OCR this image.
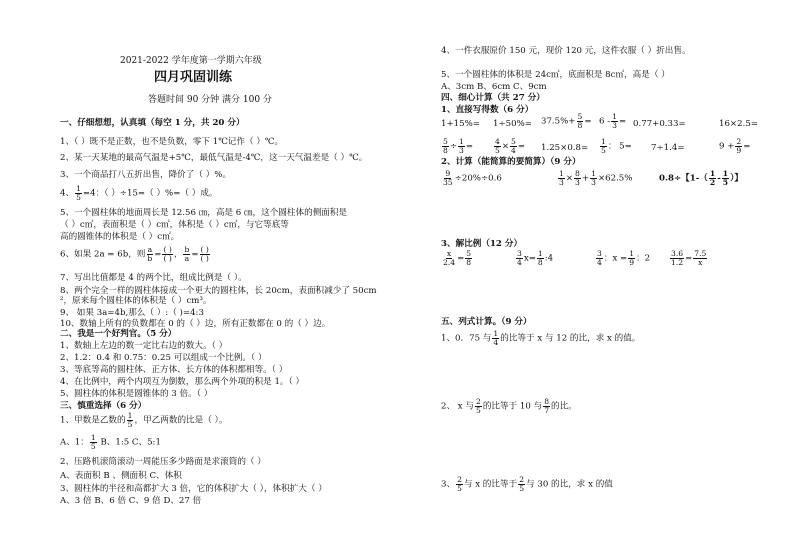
2021-2022 学年度第一学期六年级
四月巩固训练
答题时间 90 分钟 满分 100 分
一、仔细想想，认真填（每空 1 分，共 20 分）
1、（ ）既不是正数，也不是负数，零下 1℃记作（ ）℃。
2、某一天某地的最高气温是+5℃，最低气温是-4℃，这一天气温差是（ ）℃。
3、一个商品打八五折出售，降价了（ ）%。
4、 $\frac{1}{5} =4$：（ ）÷15=（ ）%=（ ）成。
5、一个圆柱体的地面周长是 12.56 ㎝，高是 6 ㎝，这个圆柱体的侧面积是
（ ）c㎡，表面积是（ ）c㎡，体积是（ ）c㎡，与它等底等
高的圆锥体的体积是（ ）c㎡。
6、如果 2a = 6b，则 $\frac{a}{b} = \frac{( )}{( )}$ ， $\frac{b}{a} = \frac{( )}{( )}$
7、写出比值都是 4 的两个比，组成比例是（ ）。
8、两个完全一样的圆柱体接成一个更大的圆柱体，长 20cm，表面积减少了 50cm
²，原来每个圆柱体的体积是（ ）cm³。
9、 如果 3a=4b,那么（ ）:（ )=4:3
10、数轴上所有的负数都在 0 的（ ）边，所有正数都在 0 的（ ）边。
二、我是一个好判官。（5 分）
1、数轴上左边的数一定比右边的数大。（ ）
2、1.2：0.4 和 0.75：0.25 可以组成一个比例。（ ）
3、等底等高的圆柱体、正方体、长方体的体积都相等。（ ）
4、在比例中，两个内项互为倒数，那么两个外项的积是 1。（ ）
5、圆柱体的体积是圆锥体的 3 倍。（ ）
三、慎重选择（6 分）
1、甲数是乙数的 $\frac{1}{5}$ ，甲乙两数的比是（ ）。
A、1： $\frac{1}{5}$ B、1:5 C、5:1
2、压路机滚筒滚动一周能压多少路面是求滚筒的（ ）
A、表面积 B 、侧面积 C、体积
3、圆柱体的半径和高都扩大 3 倍，它的体积扩大（ ），体积扩大（ ）
A、3 倍 B、6 倍 C、9 倍 D、27 倍
4、一件衣服原价 150 元，现价 120 元，这件衣服（ ）折出售。
5、一个圆柱体的体积是 24c㎡，底面积是 8c㎡，高是（ ）
A、3cm B、6cm C、9cm
四、细心计算（共 27 分）
1、直接写得数（6 分）
$1+15\%= 1\div 50\%= 37.5\%+ \frac{5}{8} = 6 - \frac{1}{3} = 0.77+0.33=$	16×2.5=
$\frac{5}{8} \div \frac{1}{3}$ =	$\frac{4}{5} \times \frac{5}{4} = 1.25\times 0.8= \frac{1}{5}$ ： 5= 7÷1.4=	$9 + \frac{2}{9}$ =
2、计算（能简算的要简算）（9 分）
$\frac{9}{35} \div 20\%\div 0.6$	$\frac{1}{3} \times \frac{8}{3} + \frac{1}{3} \times 62.5\%$	0.8÷【$1-( \frac{1}{2} - \frac{1}{5}$ ）】
3、解比例（12 分）
$\frac{x}{2.4} = \frac{5}{8}$	$\frac{3}{4} x= \frac{1}{8}$ :4	$\frac{3}{4}$ ：$x = \frac{1}{9}$ ：2	$\frac{3.6}{1.2} = \frac{7.5}{x}$
五、列式计算。（9 分）
1、0．75 与 $\frac{1}{4}$ 的比等于 x 与 12 的比，求 x 的值。
2、 x 与 $\frac{2}{5}$ 的比等于 10 与 $\frac{8}{7}$ 的比。
3、 $\frac{2}{5}$ 与 x 的比等于 $\frac{2}{5}$ 与 30 的比，求 x 的值
